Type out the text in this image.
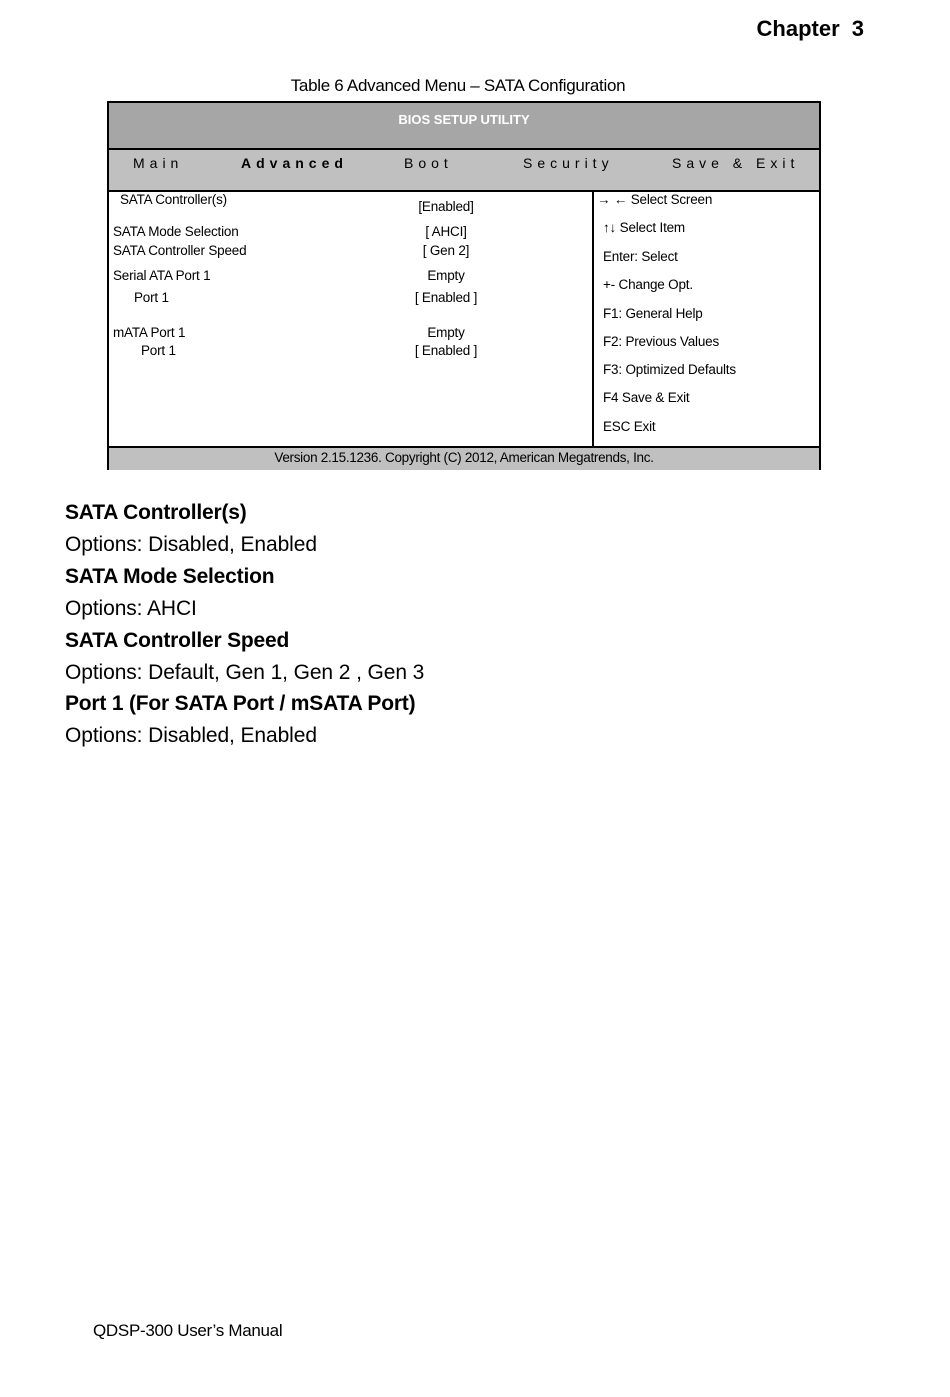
Chapter 3
Table 6 Advanced Menu – SATA Configuration
BIOS SETUP UTILITY
Main	Advanced	Boot	Security	Save & Exit
SATA Controller(s)	[Enabled]
SATA Mode Selection	[ AHCI]
SATA Controller Speed	[ Gen 2]
Serial ATA Port 1	Empty
Port 1	[ Enabled ]
mATA Port 1	Empty
Port 1	[ Enabled ]
→ ← Select Screen
↑↓ Select Item
Enter: Select
+- Change Opt.
F1: General Help
F2: Previous Values
F3: Optimized Defaults
F4 Save & Exit
ESC Exit
Version 2.15.1236. Copyright (C) 2012, American Megatrends, Inc.
SATA Controller(s)
Options: Disabled, Enabled
SATA Mode Selection
Options: AHCI
SATA Controller Speed
Options: Default, Gen 1, Gen 2 , Gen 3
Port 1 (For SATA Port / mSATA Port)
Options: Disabled, Enabled
QDSP-300 User’s Manual
